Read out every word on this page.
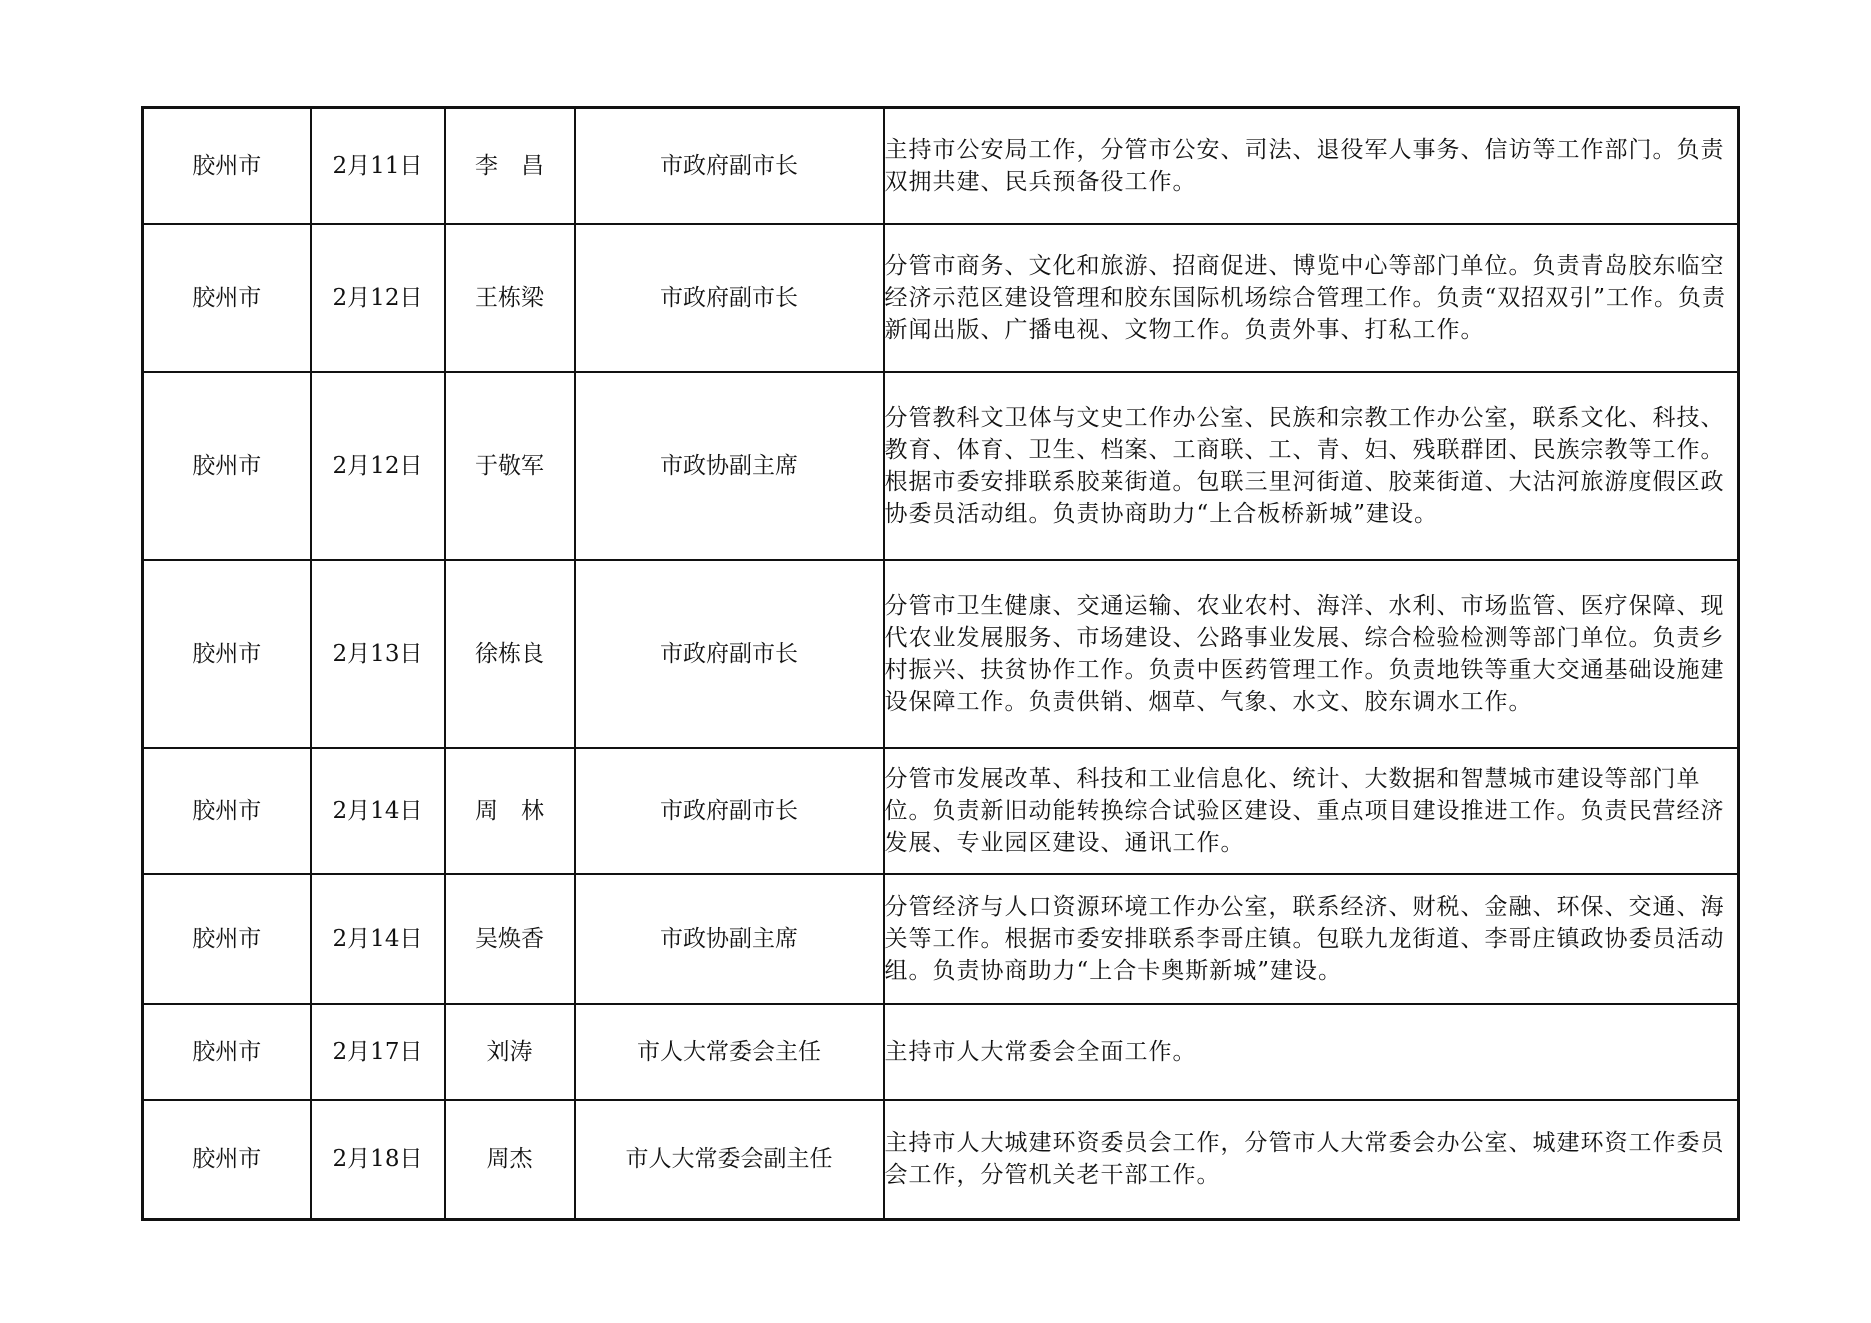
胶州市	2月11日	李　昌	市政府副市长	主持市公安局工作，分管市公安、司法、退役军人事务、信访等工作部门。负责双拥共建、民兵预备役工作。
胶州市	2月12日	王栋梁	市政府副市长	分管市商务、文化和旅游、招商促进、博览中心等部门单位。负责青岛胶东临空经济示范区建设管理和胶东国际机场综合管理工作。负责“双招双引”工作。负责新闻出版、广播电视、文物工作。负责外事、打私工作。
胶州市	2月12日	于敬军	市政协副主席	分管教科文卫体与文史工作办公室、民族和宗教工作办公室，联系文化、科技、教育、体育、卫生、档案、工商联、工、青、妇、残联群团、民族宗教等工作。根据市委安排联系胶莱街道。包联三里河街道、胶莱街道、大沽河旅游度假区政协委员活动组。负责协商助力“上合板桥新城”建设。
胶州市	2月13日	徐栋良	市政府副市长	分管市卫生健康、交通运输、农业农村、海洋、水利、市场监管、医疗保障、现代农业发展服务、市场建设、公路事业发展、综合检验检测等部门单位。负责乡村振兴、扶贫协作工作。负责中医药管理工作。负责地铁等重大交通基础设施建设保障工作。负责供销、烟草、气象、水文、胶东调水工作。
胶州市	2月14日	周　林	市政府副市长	分管市发展改革、科技和工业信息化、统计、大数据和智慧城市建设等部门单位。负责新旧动能转换综合试验区建设、重点项目建设推进工作。负责民营经济发展、专业园区建设、通讯工作。
胶州市	2月14日	吴焕香	市政协副主席	分管经济与人口资源环境工作办公室，联系经济、财税、金融、环保、交通、海关等工作。根据市委安排联系李哥庄镇。包联九龙街道、李哥庄镇政协委员活动组。负责协商助力“上合卡奥斯新城”建设。
胶州市	2月17日	刘涛	市人大常委会主任	主持市人大常委会全面工作。
胶州市	2月18日	周杰	市人大常委会副主任	主持市人大城建环资委员会工作，分管市人大常委会办公室、城建环资工作委员会工作，分管机关老干部工作。
